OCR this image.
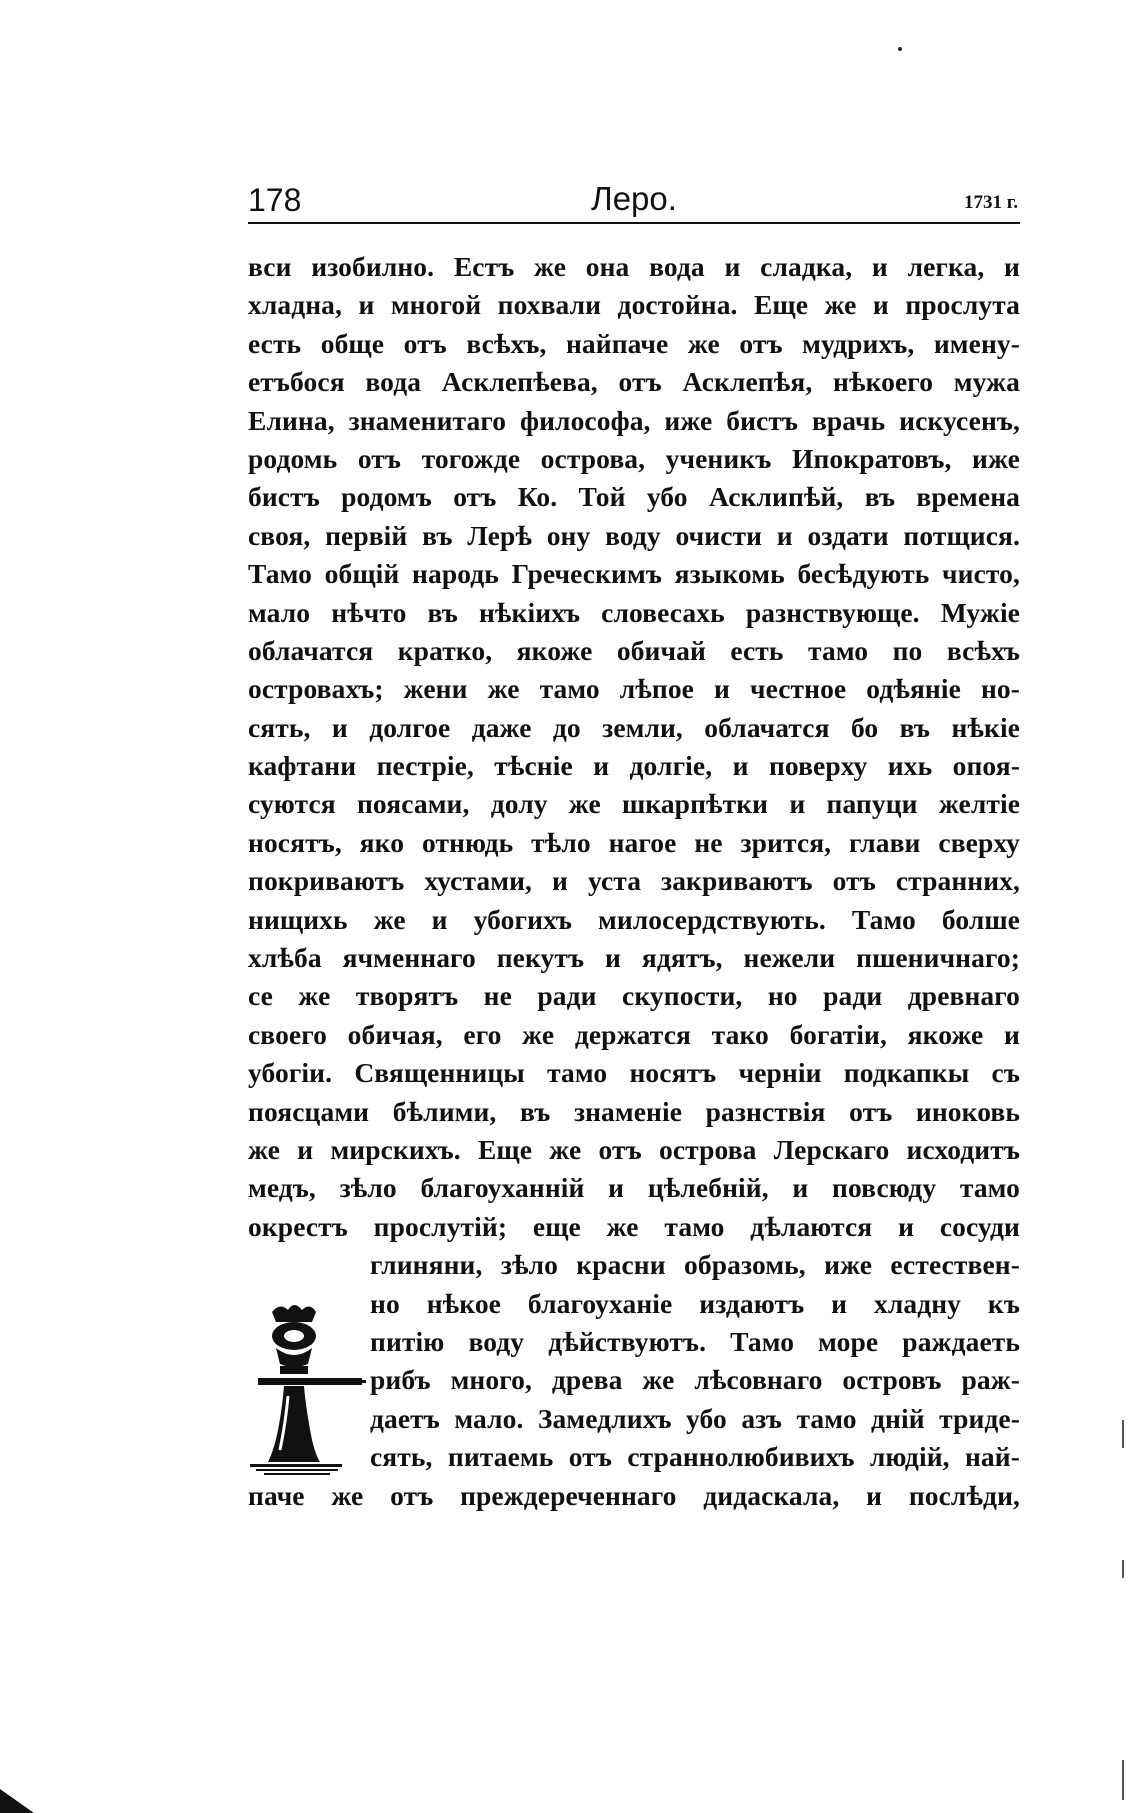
178	Леро.	1731 г.
вси изобилно. Естъ же она вода и сладка, и легка, и
хладна, и многой похвали достойна. Еще же и прослута
есть обще отъ всѣхъ, найпаче же отъ мудрихъ, имену-
етъбося вода Асклепѣева, отъ Асклепѣя, нѣкоего мужа
Елина, знаменитаго философа, иже бистъ врачь искусенъ,
родомь отъ тогожде острова, ученикъ Ипократовъ, иже
бистъ родомъ отъ Ко. Той убо Асклипѣй, въ времена
своя, первій въ Лерѣ ону воду очисти и оздати потщися.
Тамо общій народь Греческимъ языкомь бесѣдують чисто,
мало нѣчто въ нѣкіихъ словесахь разнствующе. Мужіе
облачатся кратко, якоже обичай есть тамо по всѣхъ
островахъ; жени же тамо лѣпое и честное одѣяніе но-
сять, и долгое даже до земли, облачатся бо въ нѣкіе
кафтани пестріе, тѣсніе и долгіе, и поверху ихь опоя-
суются поясами, долу же шкарпѣтки и папуци желтіе
носятъ, яко отнюдь тѣло нагое не зрится, глави сверху
покриваютъ хустами, и уста закриваютъ отъ странних,
нищихь же и убогихъ милосердствують. Тамо болше
хлѣба ячменнаго пекутъ и ядятъ, нежели пшеничнаго;
се же творятъ не ради скупости, но ради древнаго
своего обичая, его же держатся тако богатіи, якоже и
убогіи. Священницы тамо носятъ черніи подкапкы съ
поясцами бѣлими, въ знаменіе разнствія отъ иноковь
же и мирскихъ. Еще же отъ острова Лерскаго исходитъ
медъ, зѣло благоуханній и цѣлебній, и повсюду тамо
окрестъ прослутій; еще же тамо дѣлаются и сосуди
глиняни, зѣло красни образомь, иже естествен-
но нѣкое благоуханіе издаютъ и хладну къ
питію воду дѣйствуютъ. Тамо море раждаеть
рибъ много, древа же лѣсовнаго островъ раж-
даетъ мало. Замедлихъ убо азъ тамо дній триде-
сять, питаемь отъ страннолюбивихъ людій, най-
паче же отъ преждереченнаго дидаскала, и послѣди,
